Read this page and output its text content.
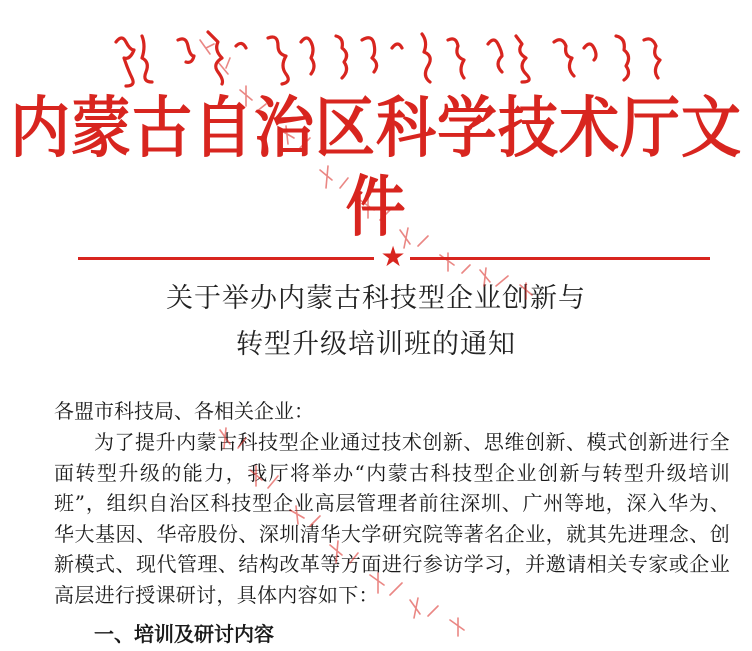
内蒙古自治区科学技术厅文件
★
关于举办内蒙古科技型企业创新与
转型升级培训班的通知
各盟市科技局、各相关企业：
为了提升内蒙古科技型企业通过技术创新、思维创新、模式创新进行全面转型升级的能力，我厅将举办“内蒙古科技型企业创新与转型升级培训班”，组织自治区科技型企业高层管理者前往深圳、广州等地，深入华为、华大基因、华帝股份、深圳清华大学研究院等著名企业，就其先进理念、创新模式、现代管理、结构改革等方面进行参访学习，并邀请相关专家或企业高层进行授课研讨，具体内容如下：
一、培训及研讨内容
